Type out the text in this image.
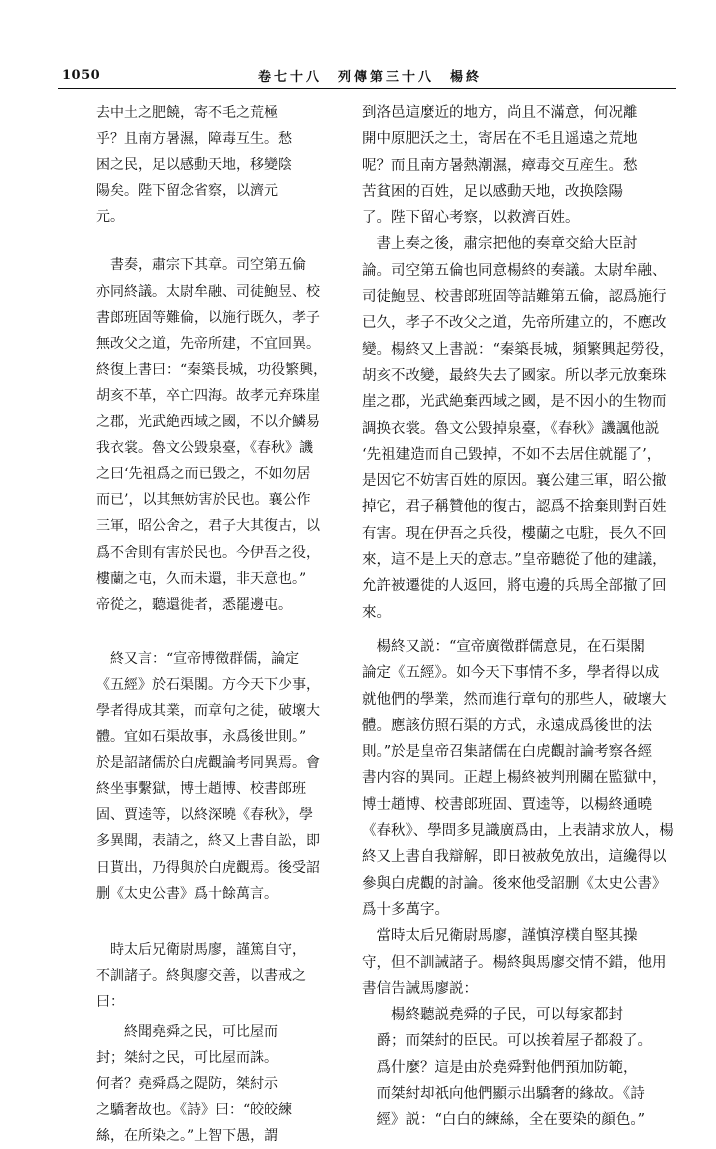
1050	卷七十八　列傳第三十八　楊終

去中土之肥饒，寄不毛之荒極
乎？且南方暑濕，障毒互生。愁
困之民，足以感動天地，移變陰
陽矣。陛下留念省察，以濟元
元。

　書奏，肅宗下其章。司空第五倫
亦同終議。太尉牟融、司徒鮑昱、校
書郎班固等難倫，以施行既久，孝子
無改父之道，先帝所建，不宜回異。
終復上書曰：“秦築長城，功役繁興，
胡亥不革，卒亡四海。故孝元弃珠崖
之郡，光武絶西域之國，不以介鱗易
我衣裳。魯文公毀泉臺，《春秋》譏
之曰‘先祖爲之而已毀之，不如勿居
而已’，以其無妨害於民也。襄公作
三軍，昭公舍之，君子大其復古，以
爲不舍則有害於民也。今伊吾之役，
樓蘭之屯，久而未還，非天意也。”
帝從之，聽還徙者，悉罷邊屯。

　終又言：“宣帝博徵群儒，論定
《五經》於石渠閣。方今天下少事，
學者得成其業，而章句之徒，破壞大
體。宜如石渠故事，永爲後世則。”
於是詔諸儒於白虎觀論考同異焉。會
終坐事繫獄，博士趙博、校書郎班
固、賈逵等，以終深曉《春秋》，學
多異聞，表請之，終又上書自訟，即
日貰出，乃得與於白虎觀焉。後受詔
删《太史公書》爲十餘萬言。

　時太后兄衛尉馬廖，謹篤自守，
不訓諸子。終與廖交善，以書戒之
曰：

　　終聞堯舜之民，可比屋而
封；桀紂之民，可比屋而誅。
何者？堯舜爲之隄防，桀紂示
之驕奢故也。《詩》曰：“皎皎練
絲，在所染之。”上智下愚，謂

到洛邑這麼近的地方，尚且不滿意，何况離
開中原肥沃之土，寄居在不毛且遥遠之荒地
呢？而且南方暑熱潮濕，瘴毒交互産生。愁
苦貧困的百姓，足以感動天地，改换陰陽
了。陛下留心考察，以救濟百姓。

　書上奏之後，肅宗把他的奏章交給大臣討
論。司空第五倫也同意楊終的奏議。太尉牟融、
司徒鮑昱、校書郎班固等詰難第五倫，認爲施行
已久，孝子不改父之道，先帝所建立的，不應改
變。楊終又上書説：“秦築長城，頻繁興起勞役，
胡亥不改變，最終失去了國家。所以孝元放棄珠
崖之郡，光武絶棄西域之國，是不因小的生物而
調换衣裳。魯文公毀掉泉臺，《春秋》譏諷他説
‘先祖建造而自己毀掉，不如不去居住就罷了’，
是因它不妨害百姓的原因。襄公建三軍，昭公撤
掉它，君子稱贊他的復古，認爲不捨棄則對百姓
有害。現在伊吾之兵役，樓蘭之屯駐，長久不回
來，這不是上天的意志。”皇帝聽從了他的建議，
允許被遷徙的人返回，將屯邊的兵馬全部撤了回
來。

　楊終又説：“宣帝廣徵群儒意見，在石渠閣
論定《五經》。如今天下事情不多，學者得以成
就他們的學業，然而進行章句的那些人，破壞大
體。應該仿照石渠的方式，永遠成爲後世的法
則。”於是皇帝召集諸儒在白虎觀討論考察各經
書内容的異同。正趕上楊終被判刑關在監獄中，
博士趙博、校書郎班固、賈逵等，以楊終通曉
《春秋》、學問多見識廣爲由，上表請求放人，楊
終又上書自我辯解，即日被赦免放出，這纔得以
參與白虎觀的討論。後來他受詔删《太史公書》
爲十多萬字。

　當時太后兄衛尉馬廖，謹慎淳樸自堅其操
守，但不訓誡諸子。楊終與馬廖交情不錯，他用
書信告誡馬廖説：

　　楊終聽説堯舜的子民，可以每家都封
　爵；而桀紂的臣民。可以挨着屋子都殺了。
　爲什麼？這是由於堯舜對他們預加防範，
　而桀紂却祇向他們顯示出驕奢的緣故。《詩
　經》説：“白白的練絲，全在要染的顔色。”
